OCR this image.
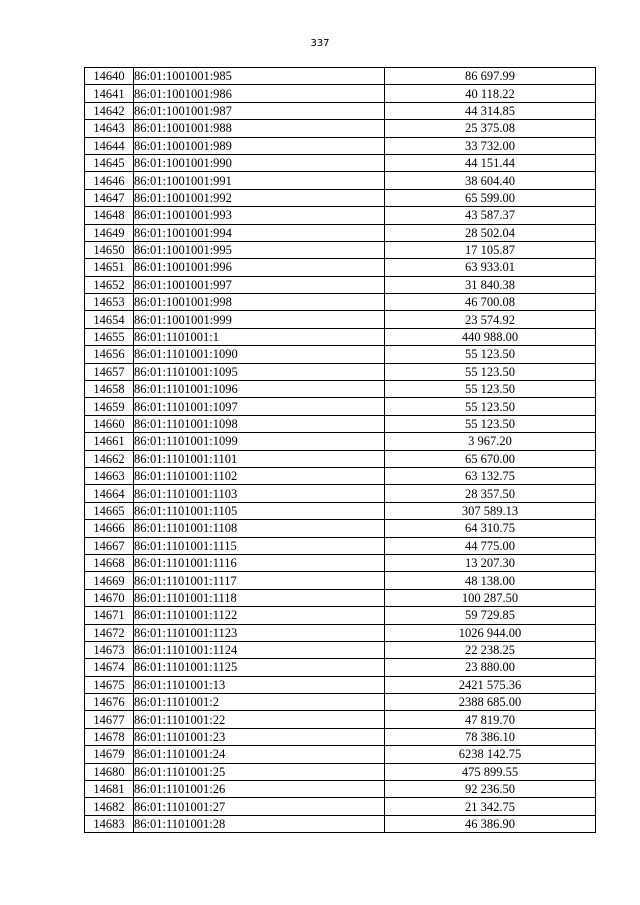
337
14640	86:01:1001001:985	86 697.99
14641	86:01:1001001:986	40 118.22
14642	86:01:1001001:987	44 314.85
14643	86:01:1001001:988	25 375.08
14644	86:01:1001001:989	33 732.00
14645	86:01:1001001:990	44 151.44
14646	86:01:1001001:991	38 604.40
14647	86:01:1001001:992	65 599.00
14648	86:01:1001001:993	43 587.37
14649	86:01:1001001:994	28 502.04
14650	86:01:1001001:995	17 105.87
14651	86:01:1001001:996	63 933.01
14652	86:01:1001001:997	31 840.38
14653	86:01:1001001:998	46 700.08
14654	86:01:1001001:999	23 574.92
14655	86:01:1101001:1	440 988.00
14656	86:01:1101001:1090	55 123.50
14657	86:01:1101001:1095	55 123.50
14658	86:01:1101001:1096	55 123.50
14659	86:01:1101001:1097	55 123.50
14660	86:01:1101001:1098	55 123.50
14661	86:01:1101001:1099	3 967.20
14662	86:01:1101001:1101	65 670.00
14663	86:01:1101001:1102	63 132.75
14664	86:01:1101001:1103	28 357.50
14665	86:01:1101001:1105	307 589.13
14666	86:01:1101001:1108	64 310.75
14667	86:01:1101001:1115	44 775.00
14668	86:01:1101001:1116	13 207.30
14669	86:01:1101001:1117	48 138.00
14670	86:01:1101001:1118	100 287.50
14671	86:01:1101001:1122	59 729.85
14672	86:01:1101001:1123	1026 944.00
14673	86:01:1101001:1124	22 238.25
14674	86:01:1101001:1125	23 880.00
14675	86:01:1101001:13	2421 575.36
14676	86:01:1101001:2	2388 685.00
14677	86:01:1101001:22	47 819.70
14678	86:01:1101001:23	78 386.10
14679	86:01:1101001:24	6238 142.75
14680	86:01:1101001:25	475 899.55
14681	86:01:1101001:26	92 236.50
14682	86:01:1101001:27	21 342.75
14683	86:01:1101001:28	46 386.90
